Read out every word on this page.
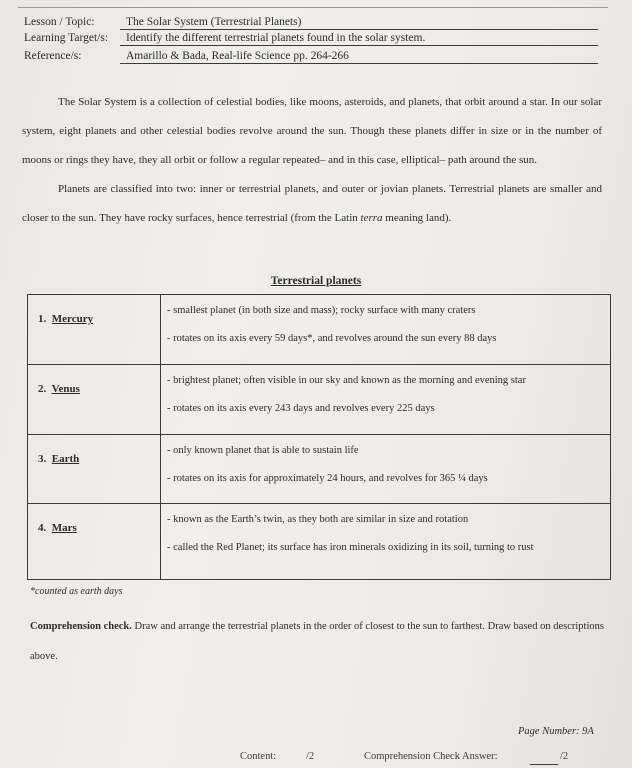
Lesson / Topic:	The Solar System (Terrestrial Planets)
Learning Target/s: Identify the different terrestrial planets found in the solar system.
Reference/s:	Amarillo & Bada, Real-life Science pp. 264-266

The Solar System is a collection of celestial bodies, like moons, asteroids, and planets, that orbit around a star. In our solar system, eight planets and other celestial bodies revolve around the sun. Though these planets differ in size or in the number of moons or rings they have, they all orbit or follow a regular repeated– and in this case, elliptical– path around the sun.

Planets are classified into two: inner or terrestrial planets, and outer or jovian planets. Terrestrial planets are smaller and closer to the sun. They have rocky surfaces, hence terrestrial (from the Latin terra meaning land).

Terrestrial planets
1. Mercury	- smallest planet (in both size and mass); rocky surface with many craters
- rotates on its axis every 59 days*, and revolves around the sun every 88 days

2. Venus	- brightest planet; often visible in our sky and known as the morning and evening star
- rotates on its axis every 243 days and revolves every 225 days

3. Earth	- only known planet that is able to sustain life
- rotates on its axis for approximately 24 hours, and revolves for 365 ¼ days

4. Mars	- known as the Earth’s twin, as they both are similar in size and rotation
- called the Red Planet; its surface has iron minerals oxidizing in its soil, turning to rust
*counted as earth days
Comprehension check. Draw and arrange the terrestrial planets in the order of closest to the sun to farthest. Draw based on descriptions above.
Page Number: 9A
Content:	/2	Comprehension Check Answer:	/2
